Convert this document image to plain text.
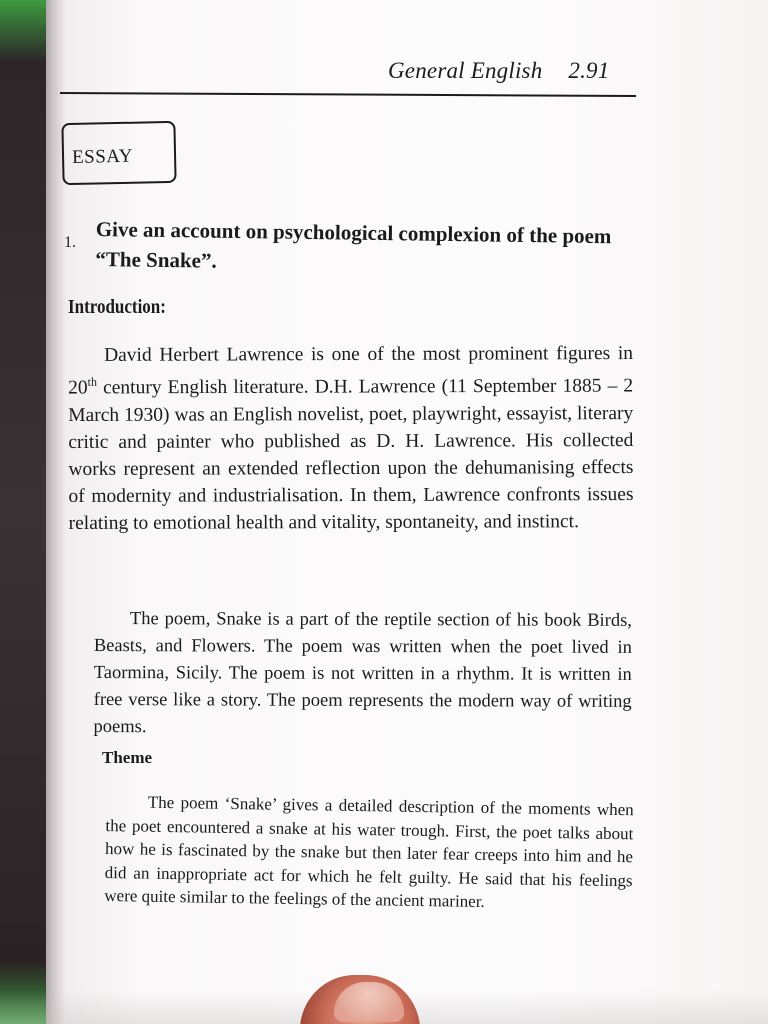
General English 2.91
ESSAY
1. Give an account on psychological complexion of the poem “The Snake”.
Introduction:

David Herbert Lawrence is one of the most prominent figures in 20th century English literature. D.H. Lawrence (11 September 1885 – 2 March 1930) was an English novelist, poet, playwright, essayist, literary critic and painter who published as D. H. Lawrence. His collected works represent an extended reflection upon the dehumanising effects of modernity and industrialisation. In them, Lawrence confronts issues relating to emotional health and vitality, spontaneity, and instinct.

The poem, Snake is a part of the reptile section of his book Birds, Beasts, and Flowers. The poem was written when the poet lived in Taormina, Sicily. The poem is not written in a rhythm. It is written in free verse like a story. The poem represents the modern way of writing poems.

Theme

The poem ‘Snake’ gives a detailed description of the moments when the poet encountered a snake at his water trough. First, the poet talks about how he is fascinated by the snake but then later fear creeps into him and he did an inappropriate act for which he felt guilty. He said that his feelings were quite similar to the feelings of the ancient mariner.
